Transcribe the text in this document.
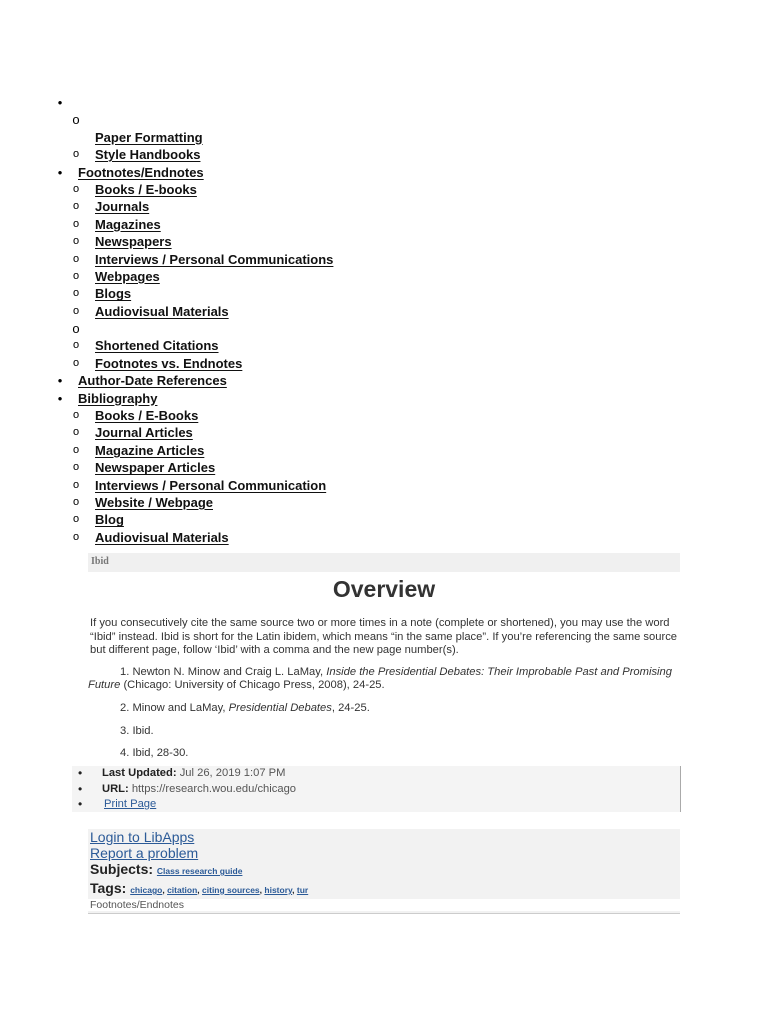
•
o
Paper Formatting
o Style Handbooks
• Footnotes/Endnotes
o Books / E-books
o Journals
o Magazines
o Newspapers
o Interviews / Personal Communications
o Webpages
o Blogs
o Audiovisual Materials
o
o Shortened Citations
o Footnotes vs. Endnotes
• Author-Date References
• Bibliography
o Books / E-Books
o Journal Articles
o Magazine Articles
o Newspaper Articles
o Interviews / Personal Communication
o Website / Webpage
o Blog
o Audiovisual Materials
Ibid
Overview
If you consecutively cite the same source two or more times in a note (complete or shortened), you may use the word “Ibid” instead. Ibid is short for the Latin ibidem, which means “in the same place”. If you’re referencing the same source but different page, follow ‘Ibid’ with a comma and the new page number(s).
1. Newton N. Minow and Craig L. LaMay, Inside the Presidential Debates: Their Improbable Past and Promising Future (Chicago: University of Chicago Press, 2008), 24-25.
2. Minow and LaMay, Presidential Debates, 24-25.
3. Ibid.
4. Ibid, 28-30.
• Last Updated: Jul 26, 2019 1:07 PM
• URL: https://research.wou.edu/chicago
• Print Page
Login to LibApps
Report a problem
Subjects: Class research guide
Tags: chicago, citation, citing sources, history, tur
Footnotes/Endnotes
